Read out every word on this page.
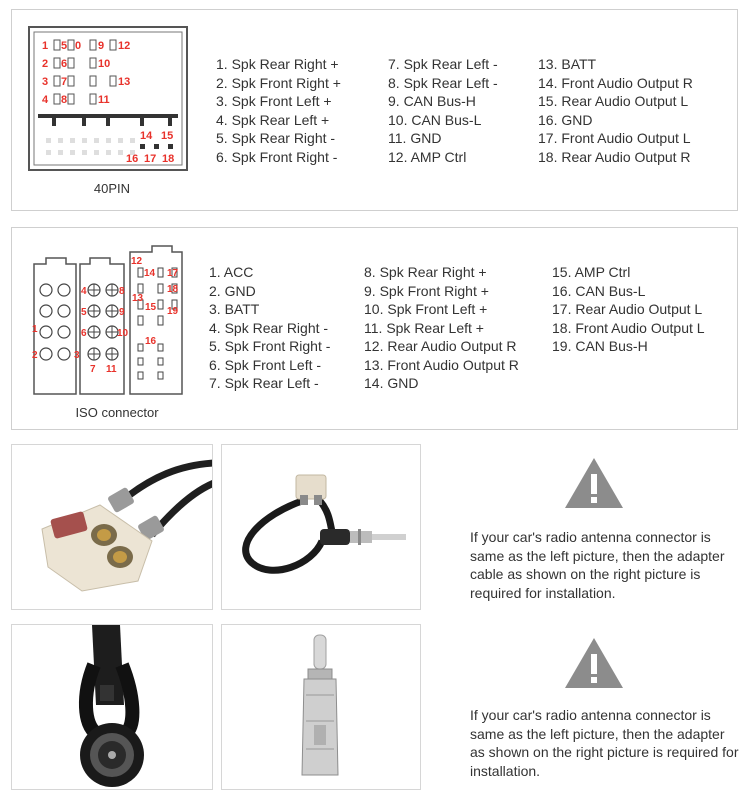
1 5 0 9 12
2 6	10
3 7	13
4 8	11
14 15
16 17 18
40PIN
1. Spk Rear Right +
2. Spk Front Right +
3. Spk Front Left +
4. Spk Rear Left +
5. Spk Rear Right -
6. Spk Front Right -
7. Spk Rear Left -
8. Spk Rear Left -
9. CAN Bus-H
10. CAN Bus-L
11. GND
12. AMP Ctrl
13. BATT
14. Front Audio Output R
15. Rear Audio Output L
16. GND
17. Front Audio Output L
18. Rear Audio Output R
1
2	3
4
5
6
7
8
9
10
11
12
13
14
15
16
17
18
19
ISO connector
1. ACC
2. GND
3. BATT
4. Spk Rear Right -
5. Spk Front Right -
6. Spk Front Left -
7. Spk Rear Left -
8. Spk Rear Right +
9. Spk Front Right +
10. Spk Front Left +
11. Spk Rear Left +
12. Rear Audio Output R
13. Front Audio Output R
14. GND
15. AMP Ctrl
16. CAN Bus-L
17. Rear Audio Output L
18. Front Audio Output L
19. CAN Bus-H
If your car's radio antenna connector is same as the left picture, then the adapter cable as shown on the right picture is required for installation.
If your car's radio antenna connector is same as the left picture, then the adapter as shown on the right picture is required for installation.
